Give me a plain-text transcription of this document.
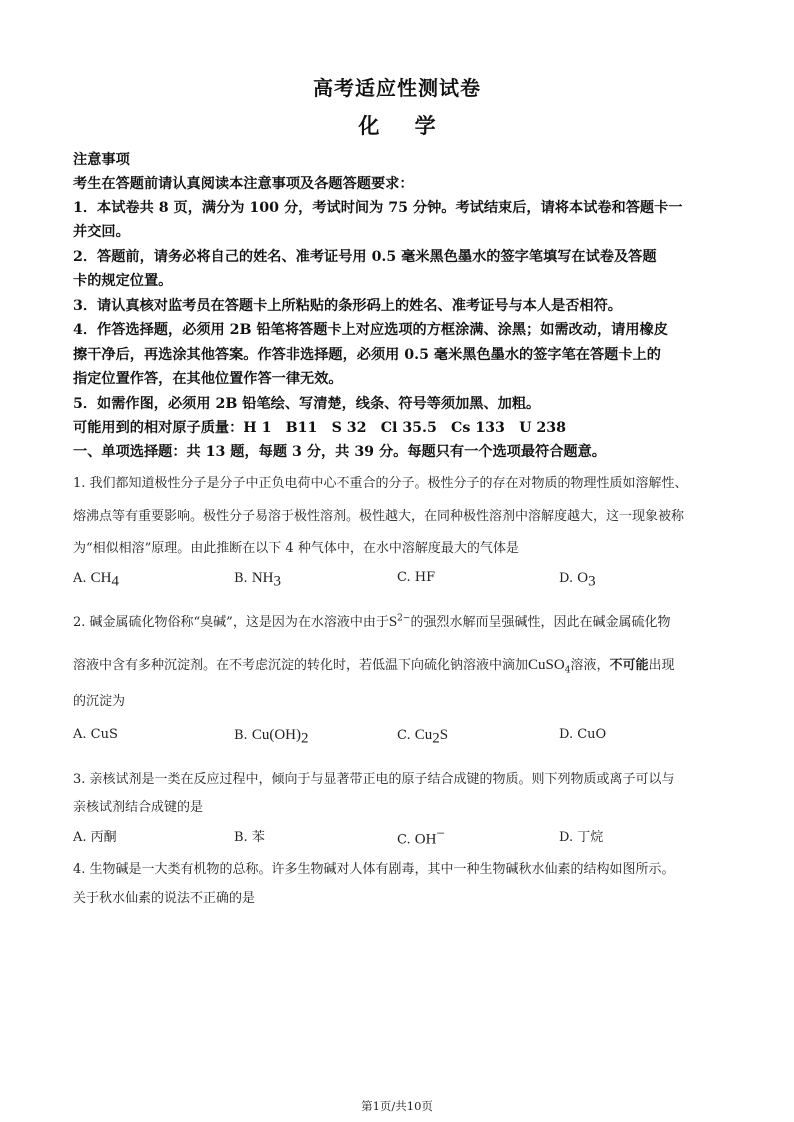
高考适应性测试卷
化 学
注意事项
考生在答题前请认真阅读本注意事项及各题答题要求：
1．本试卷共 8 页，满分为 100 分，考试时间为 75 分钟。考试结束后，请将本试卷和答题卡一
并交回。
2．答题前，请务必将自己的姓名、准考证号用 0.5 毫米黑色墨水的签字笔填写在试卷及答题
卡的规定位置。
3．请认真核对监考员在答题卡上所粘贴的条形码上的姓名、准考证号与本人是否相符。
4．作答选择题，必须用 2B 铅笔将答题卡上对应选项的方框涂满、涂黑；如需改动，请用橡皮
擦干净后，再选涂其他答案。作答非选择题，必须用 0.5 毫米黑色墨水的签字笔在答题卡上的
指定位置作答，在其他位置作答一律无效。
5．如需作图，必须用 2B 铅笔绘、写清楚，线条、符号等须加黑、加粗。
可能用到的相对原子质量：H 1　B11　S 32　Cl 35.5　Cs 133　U 238
一、单项选择题：共 13 题，每题 3 分，共 39 分。每题只有一个选项最符合题意。
1. 我们都知道极性分子是分子中正负电荷中心不重合的分子。极性分子的存在对物质的物理性质如溶解性、
熔沸点等有重要影响。极性分子易溶于极性溶剂。极性越大，在同种极性溶剂中溶解度越大，这一现象被称
为“相似相溶”原理。由此推断在以下 4 种气体中，在水中溶解度最大的气体是
A. $CH_4$	B. $NH_3$	C. HF	D. $O_3$
2. 碱金属硫化物俗称“臭碱”，这是因为在水溶液中由于$S^{2-}$的强烈水解而呈强碱性，因此在碱金属硫化物
溶液中含有多种沉淀剂。在不考虑沉淀的转化时，若低温下向硫化钠溶液中滴加CuSO$_4$溶液，不可能出现
的沉淀为
A. CuS	B. $Cu(OH)_2$	C. $Cu_2S$	D. CuO
3. 亲核试剂是一类在反应过程中，倾向于与显著带正电的原子结合成键的物质。则下列物质或离子可以与
亲核试剂结合成键的是
A. 丙酮	B. 苯	C. OH−	D. 丁烷
4. 生物碱是一大类有机物的总称。许多生物碱对人体有剧毒，其中一种生物碱秋水仙素的结构如图所示。
关于秋水仙素的说法不正确的是
第1页/共10页
